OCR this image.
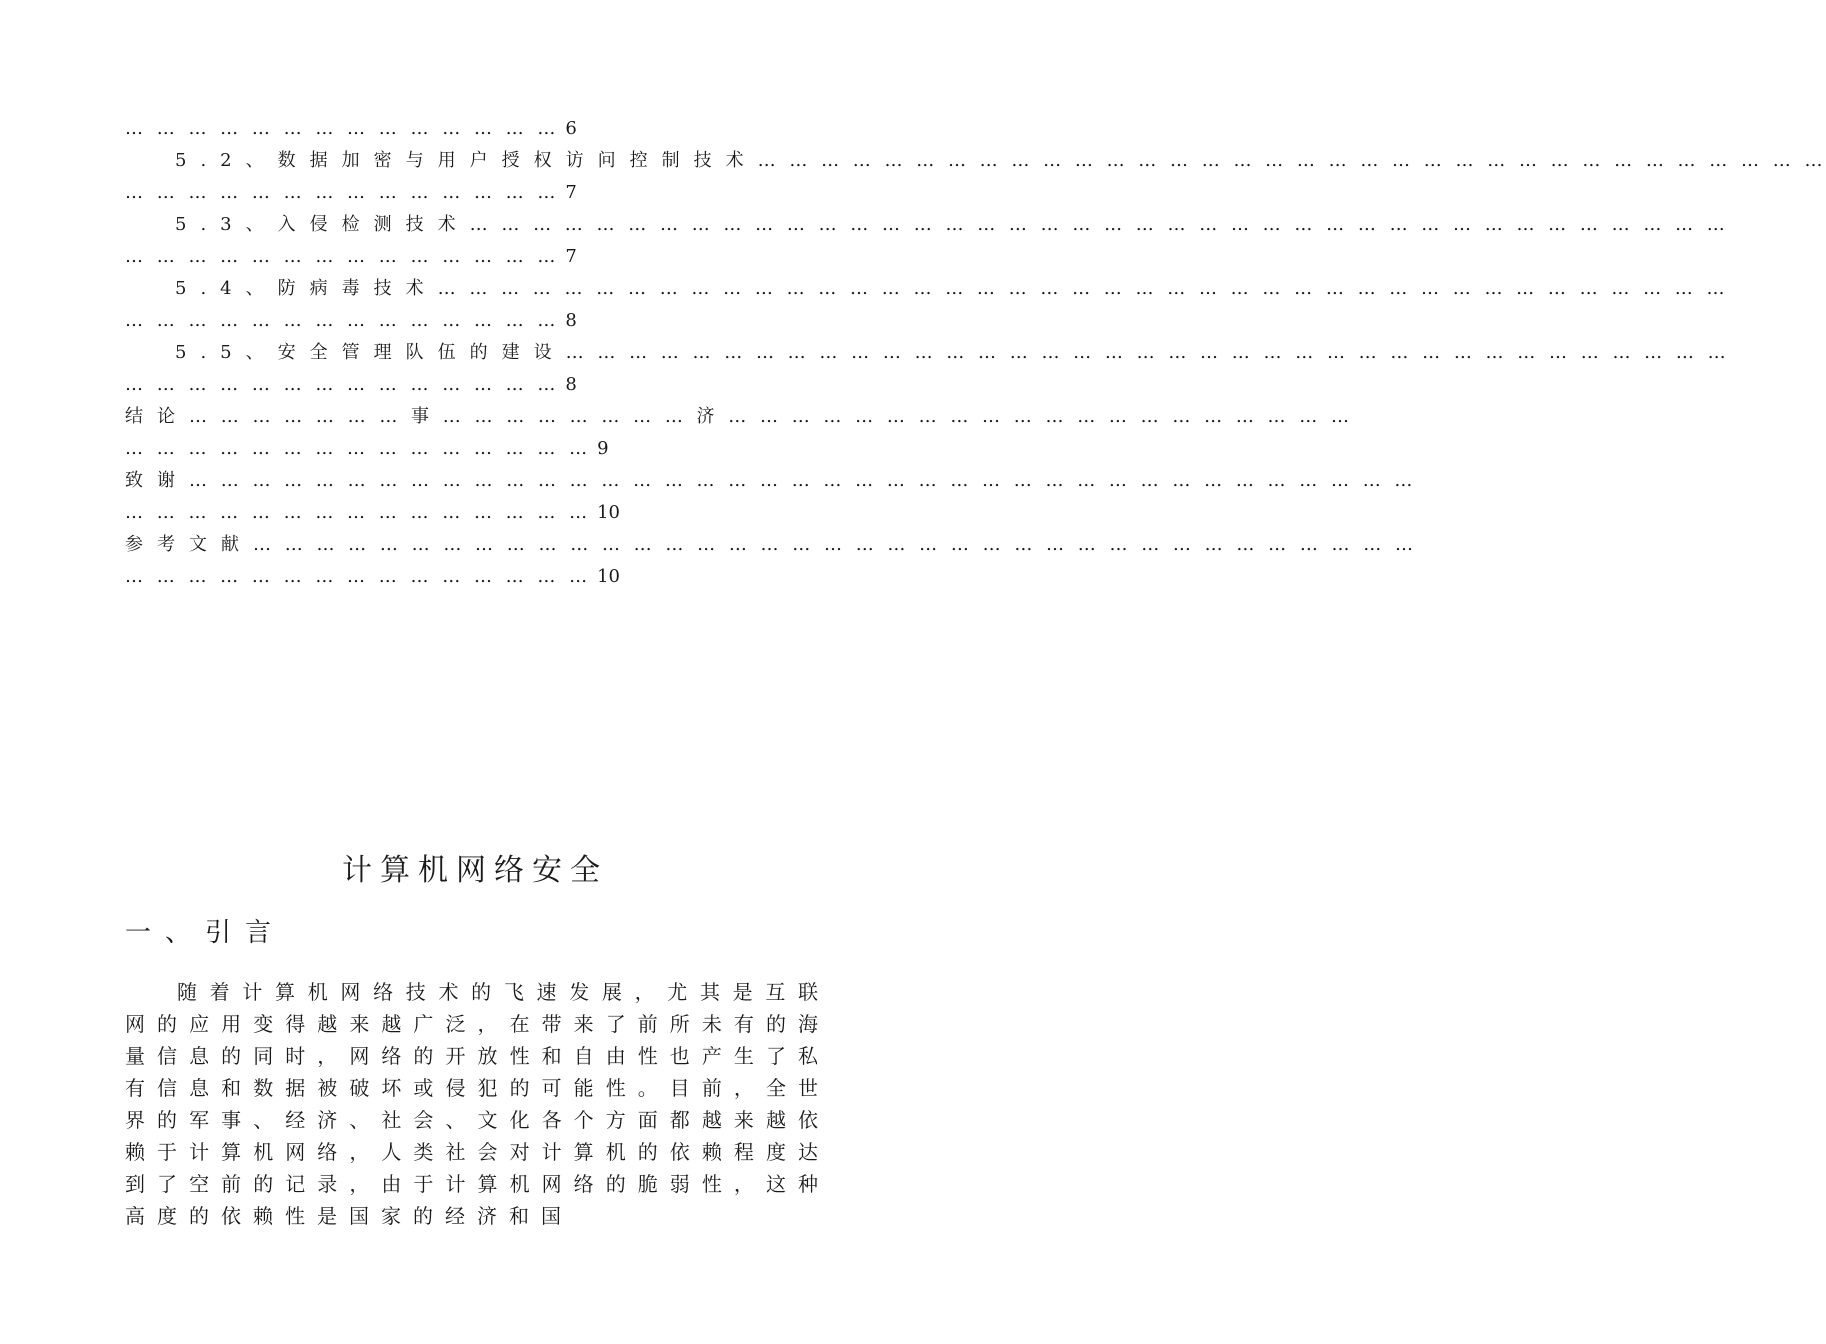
… … … … … … … … … … … … … … 6
5.2、数据加密与用户授权访问控制技术… … … … … … … … … … … … … … … … … … … … … … … … … … … … … … … … … …
… … … … … … … … … … … … … … 7
5.3、入侵检测技术… … … … … … … … … … … … … … … … … … … … … … … … … … … … … … … … … … … … … … … …
… … … … … … … … … … … … … … 7
5.4、防病毒技术… … … … … … … … … … … … … … … … … … … … … … … … … … … … … … … … … … … … … … … … …
… … … … … … … … … … … … … … 8
5.5、安全管理队伍的建设… … … … … … … … … … … … … … … … … … … … … … … … … … … … … … … … … … … … …
… … … … … … … … … … … … … … 8
结论… … … … … … … 事 … … … … … … … … 济 … … … … … … … … … … … … … … … … … … … …
… … … … … … … … … … … … … … … 9
致谢… … … … … … … … … … … … … … … … … … … … … … … … … … … … … … … … … … … … … … …
… … … … … … … … … … … … … … … 10
参考文献… … … … … … … … … … … … … … … … … … … … … … … … … … … … … … … … … … … … …
… … … … … … … … … … … … … … … 10
计算机网络安全
一、引言
随着计算机网络技术的飞速发展，尤其是互联网的应用变得越来越广泛，在带来了前所未有的海量信息的同时，网络的开放性和自由性也产生了私有信息和数据被破坏或侵犯的可能性。目前，全世界的军事、经济、社会、文化各个方面都越来越依赖于计算机网络，人类社会对计算机的依赖程度达到了空前的记录，由于计算机网络的脆弱性，这种高度的依赖性是国家的经济和国
